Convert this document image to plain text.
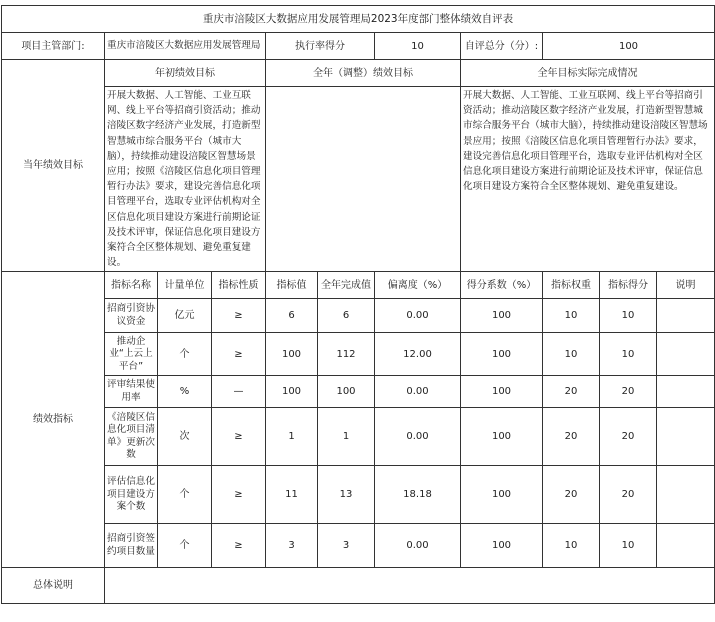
重庆市涪陵区大数据应用发展管理局2023年度部门整体绩效自评表										
项目主管部门:	重庆市涪陵区大数据应用发展管理局			执行率得分		10	自评总分（分）:	100		
当年绩效目标	年初绩效目标			全年（调整）绩效目标			全年目标实际完成情况			
	开展大数据、人工智能、工业互联网、线上平台等招商引资活动；推动涪陵区数字经济产业发展，打造新型智慧城市综合服务平台（城市大脑），持续推动建设涪陵区智慧场景应用；按照《涪陵区信息化项目管理暂行办法》要求，建设完善信息化项目管理平台，选取专业评估机构对全区信息化项目建设方案进行前期论证及技术评审，保证信息化项目建设方案符合全区整体规划、避免重复建设。						开展大数据、人工智能、工业互联网、线上平台等招商引资活动；推动涪陵区数字经济产业发展，打造新型智慧城市综合服务平台（城市大脑），持续推动建设涪陵区智慧场景应用；按照《涪陵区信息化项目管理暂行办法》要求，建设完善信息化项目管理平台，选取专业评估机构对全区信息化项目建设方案进行前期论证及技术评审，保证信息化项目建设方案符合全区整体规划、避免重复建设。			
绩效指标	指标名称	计量单位	指标性质	指标值	全年完成值	偏离度（%）	得分系数（%）	指标权重	指标得分	说明
	招商引资协议资金	亿元	≥	6	6	0.00	100	10	10	
	推动企业“上云上平台”	个	≥	100	112	12.00	100	10	10	
	评审结果使用率	%	—	100	100	0.00	100	20	20	
	《涪陵区信息化项目清单》更新次数	次	≥	1	1	0.00	100	20	20	
	评估信息化项目建设方案个数	个	≥	11	13	18.18	100	20	20	
	招商引资签约项目数量	个	≥	3	3	0.00	100	10	10	
总体说明										
